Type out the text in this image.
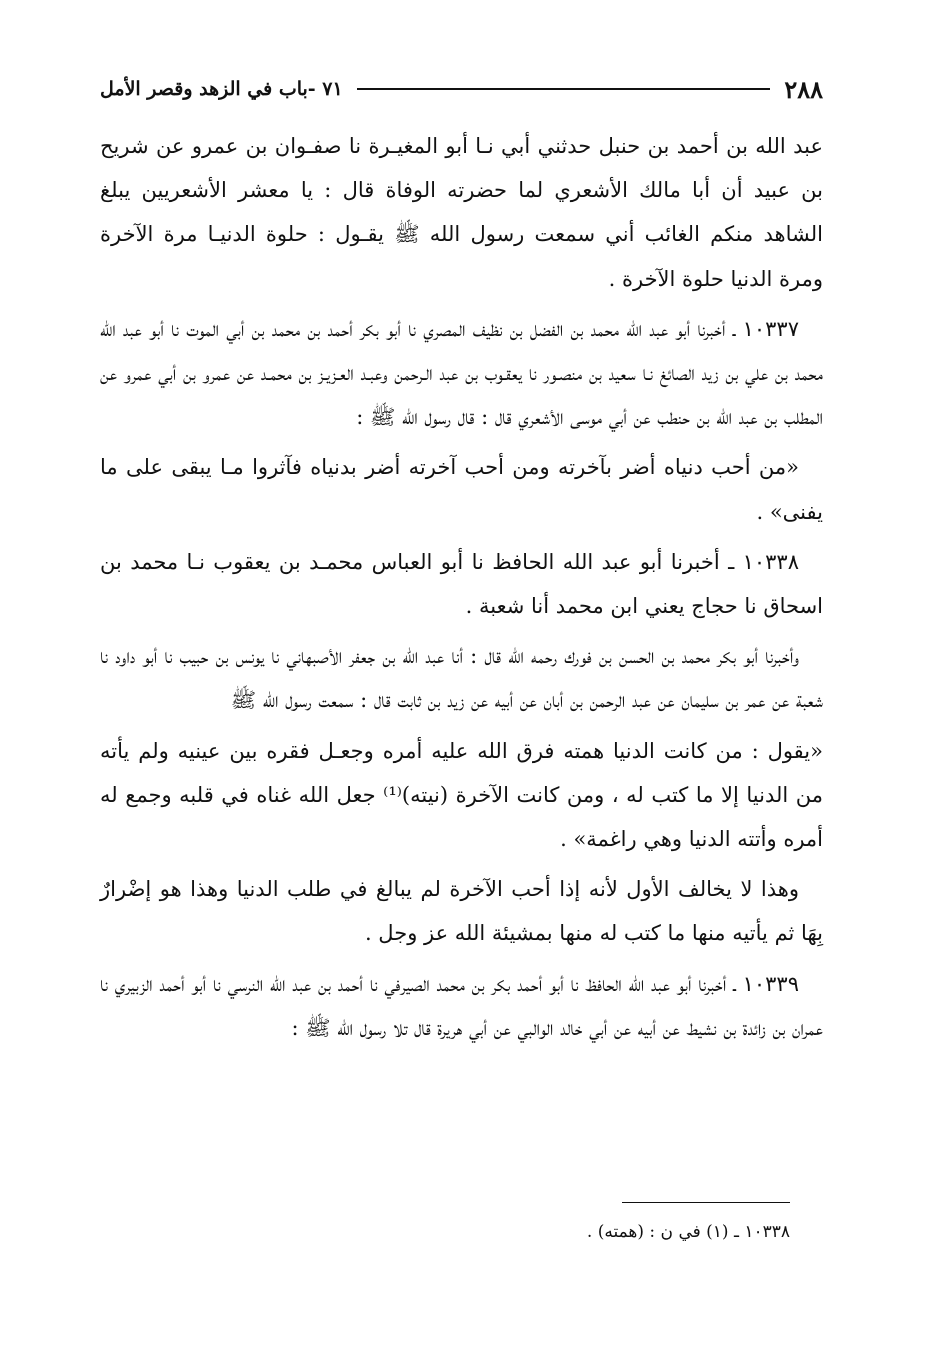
٢٨٨
٧١ -باب في الزهد وقصر الأمل

عبد الله بن أحمد بن حنبل حدثني أبي نـا أبو المغيـرة نا صفـوان بن عمرو عن شريح بن عبيد أن أبا مالك الأشعري لما حضرته الوفاة قال : يا معشر الأشعريين يبلغ الشاهد منكم الغائب أني سمعت رسول الله ﷺ يقـول : حلوة الدنيـا مرة الآخرة ومرة الدنيا حلوة الآخرة .

١٠٣٣٧ ـ أخبرنا أبو عبد الله محمد بن الفضل بن نظيف المصري نا أبو بكر أحمد بن محمد بن أبي الموت نا أبو عبد الله محمد بن علي بن زيد الصائغ نـا سعيد بن منصـور نا يعقـوب بن عبد الـرحمن وعبـد العـزيـز بن محمـد عن عمرو بن أبي عمرو عن المطلب بن عبد الله بن حنطب عن أبي موسى الأشعري قال : قال رسول الله ﷺ :

«من أحب دنياه أضر بآخرته ومن أحب آخرته أضر بدنياه فآثروا مـا يبقى على ما يفنى» .

١٠٣٣٨ ـ أخبرنا أبو عبد الله الحافظ نا أبو العباس محمـد بن يعقوب نـا محمد بن اسحاق نا حجاج يعني ابن محمد أنا شعبة .

وأخبرنا أبو بكر محمد بن الحسن بن فورك رحمه الله قال : أنا عبد الله بن جعفر الأصبهاني نا يونس بن حبيب نا أبو داود نا شعبة عن عمر بن سليمان عن عبد الرحمن بن أبان عن أبيه عن زيد بن ثابت قال : سمعت رسول الله ﷺ

«يقول : من كانت الدنيا همته فرق الله عليه أمره وجعـل فقره بين عينيه ولم يأته من الدنيا إلا ما كتب له ، ومن كانت الآخرة (نيته)⁽¹⁾ جعل الله غناه في قلبه وجمع له أمره وأتته الدنيا وهي راغمة» .

وهذا لا يخالف الأول لأنه إذا أحب الآخرة لم يبالغ في طلب الدنيا وهذا هو إضْرارٌ بِهَا ثم يأتيه منها ما كتب له منها بمشيئة الله عز وجل .

١٠٣٣٩ ـ أخبرنا أبو عبد الله الحافظ نا أبو أحمد بكر بن محمد الصيرفي نا أحمد بن عبد الله النرسي نا أبو أحمد الزبيري نا عمران بن زائدة بن نشيط عن أبيه عن أبي خالد الوالبي عن أبي هريرة قال تلا رسول الله ﷺ :

١٠٣٣٨ ـ (١) في ن : (همته) .
